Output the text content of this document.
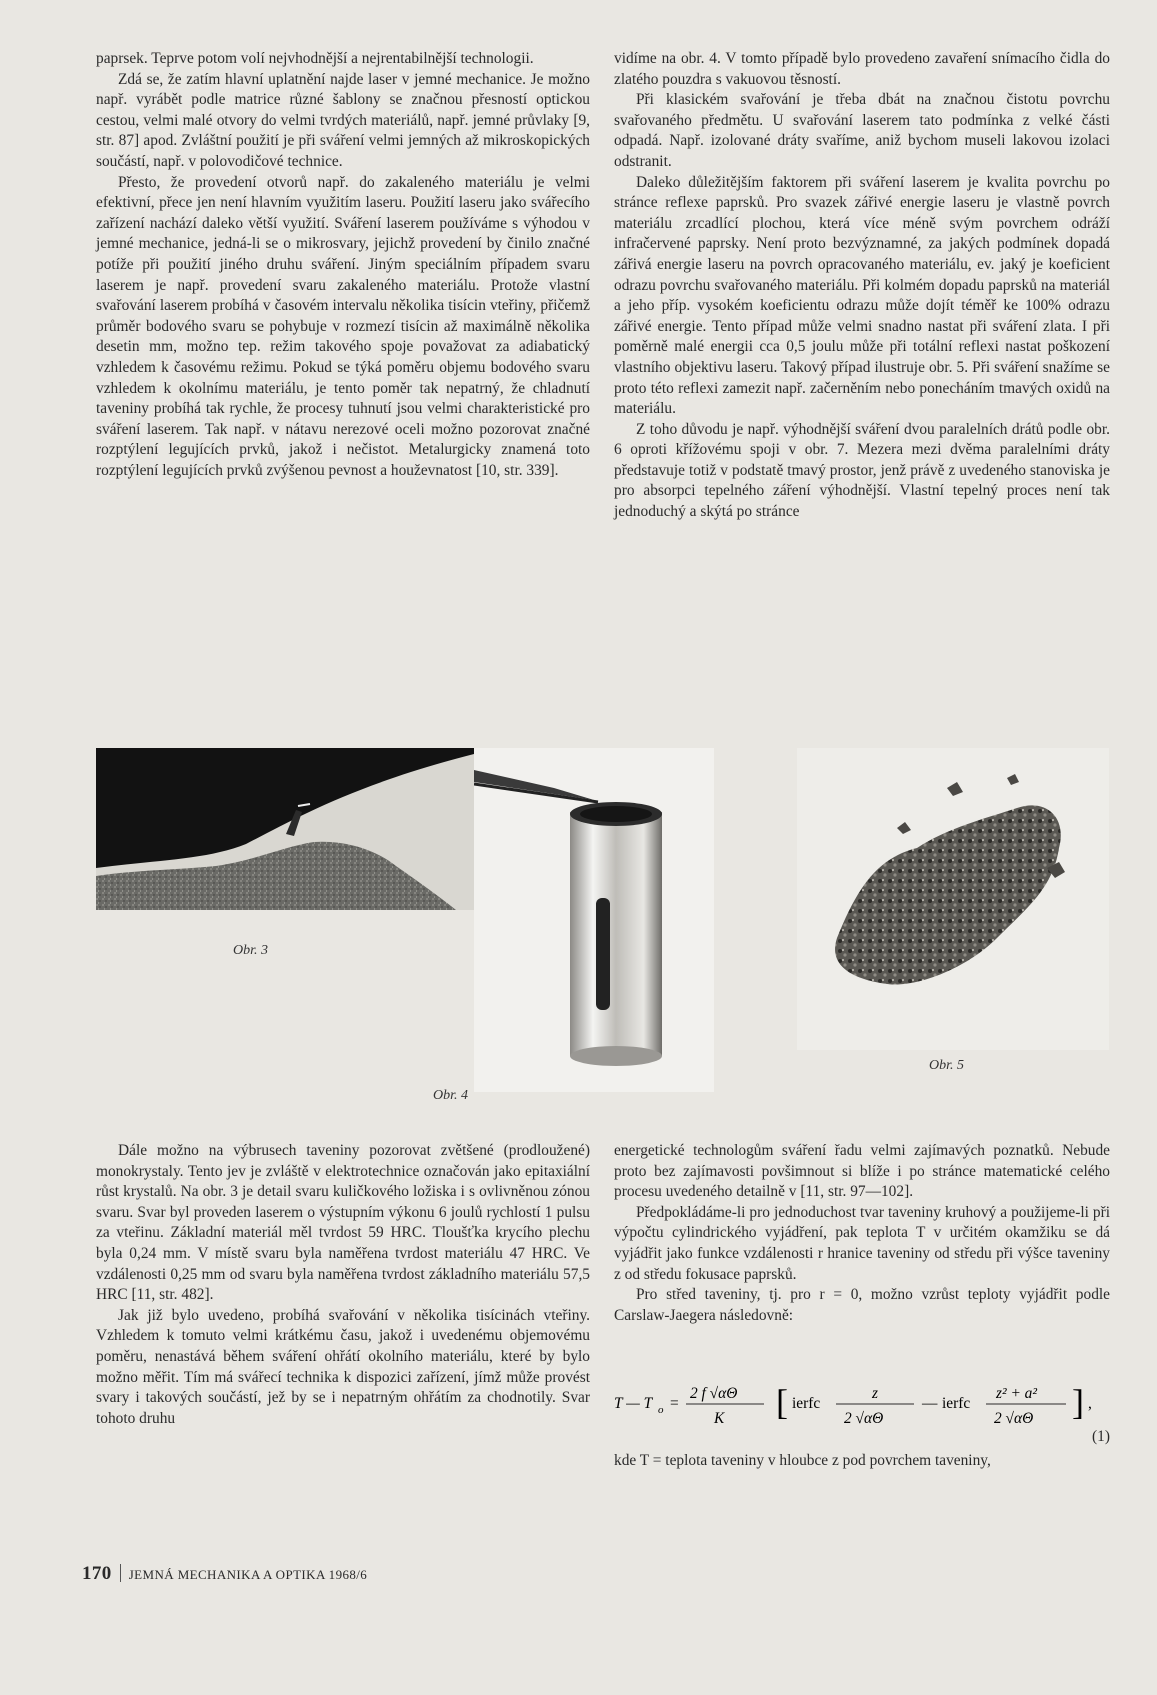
paprsek. Teprve potom volí nejvhodnější a nejrentabilnější technologii.

Zdá se, že zatím hlavní uplatnění najde laser v jemné mechanice. Je možno např. vyrábět podle matrice různé šablony se značnou přesností optickou cestou, velmi malé otvory do velmi tvrdých materiálů, např. jemné průvlaky [9, str. 87] apod. Zvláštní použití je při sváření velmi jemných až mikroskopických součástí, např. v polovodičové technice.

Přesto, že provedení otvorů např. do zakaleného materiálu je velmi efektivní, přece jen není hlavním využitím laseru. Použití laseru jako svářecího zařízení nachází daleko větší využití. Sváření laserem používáme s výhodou v jemné mechanice, jedná-li se o mikrosvary, jejichž provedení by činilo značné potíže při použití jiného druhu sváření. Jiným speciálním případem svaru laserem je např. provedení svaru zakaleného materiálu. Protože vlastní svařování laserem probíhá v časovém intervalu několika tisícin vteřiny, přičemž průměr bodového svaru se pohybuje v rozmezí tisícin až maximálně několika desetin mm, možno tep. režim takového spoje považovat za adiabatický vzhledem k časovému režimu. Pokud se týká poměru objemu bodového svaru vzhledem k okolnímu materiálu, je tento poměr tak nepatrný, že chladnutí taveniny probíhá tak rychle, že procesy tuhnutí jsou velmi charakteristické pro sváření laserem. Tak např. v nátavu nerezové oceli možno pozorovat značné rozptýlení legujících prvků, jakož i nečistot. Metalurgicky znamená toto rozptýlení legujících prvků zvýšenou pevnost a houževnatost [10, str. 339].

vidíme na obr. 4. V tomto případě bylo provedeno zavaření snímacího čidla do zlatého pouzdra s vakuovou těsností.

Při klasickém svařování je třeba dbát na značnou čistotu povrchu svařovaného předmětu. U svařování laserem tato podmínka z velké části odpadá. Např. izolované dráty svaříme, aniž bychom museli lakovou izolaci odstranit.

Daleko důležitějším faktorem při sváření laserem je kvalita povrchu po stránce reflexe paprsků. Pro svazek zářivé energie laseru je vlastně povrch materiálu zrcadlící plochou, která více méně svým povrchem odráží infračervené paprsky. Není proto bezvýznamné, za jakých podmínek dopadá zářivá energie laseru na povrch opracovaného materiálu, ev. jaký je koeficient odrazu povrchu svařovaného materiálu. Při kolmém dopadu paprsků na materiál a jeho příp. vysokém koeficientu odrazu může dojít téměř ke 100% odrazu zářivé energie. Tento případ může velmi snadno nastat při sváření zlata. I při poměrně malé energii cca 0,5 joulu může při totální reflexi nastat poškození vlastního objektivu laseru. Takový případ ilustruje obr. 5. Při sváření snažíme se proto této reflexi zamezit např. začerněním nebo ponecháním tmavých oxidů na materiálu.

Z toho důvodu je např. výhodnější sváření dvou paralelních drátů podle obr. 6 oproti křížovému spoji v obr. 7. Mezera mezi dvěma paralelními dráty představuje totiž v podstatě tmavý prostor, jenž právě z uvedeného stanoviska je pro absorpci tepelného záření výhodnější. Vlastní tepelný proces není tak jednoduchý a skýtá po stránce

Obr. 3
Obr. 4
Obr. 5

Dále možno na výbrusech taveniny pozorovat zvětšené (prodloužené) monokrystaly. Tento jev je zvláště v elektrotechnice označován jako epitaxiální růst krystalů. Na obr. 3 je detail svaru kuličkového ložiska i s ovlivněnou zónou svaru. Svar byl proveden laserem o výstupním výkonu 6 joulů rychlostí 1 pulsu za vteřinu. Základní materiál měl tvrdost 59 HRC. Tloušťka krycího plechu byla 0,24 mm. V místě svaru byla naměřena tvrdost materiálu 47 HRC. Ve vzdálenosti 0,25 mm od svaru byla naměřena tvrdost základního materiálu 57,5 HRC [11, str. 482].

Jak již bylo uvedeno, probíhá svařování v několika tisícinách vteřiny. Vzhledem k tomuto velmi krátkému času, jakož i uvedenému objemovému poměru, nenastává během sváření ohřátí okolního materiálu, které by bylo možno měřit. Tím má svářecí technika k dispozici zařízení, jímž může provést svary i takových součástí, jež by se i nepatrným ohřátím za chodnotily. Svar tohoto druhu

energetické technologům sváření řadu velmi zajímavých poznatků. Nebude proto bez zajímavosti povšimnout si blíže i po stránce matematické celého procesu uvedeného detailně v [11, str. 97—102].

Předpokládáme-li pro jednoduchost tvar taveniny kruhový a použijeme-li při výpočtu cylindrického vyjádření, pak teplota T v určitém okamžiku se dá vyjádřit jako funkce vzdálenosti r hranice taveniny od středu při výšce taveniny z od středu fokusace paprsků.

Pro střed taveniny, tj. pro r = 0, možno vzrůst teploty vyjádřit podle Carslaw-Jaegera následovně:

T — T o =
2 f √αΘ
K [ ierfc
z
2 √αΘ
— ierfc
z² + a²
2 √αΘ ] ,
(1)

kde T = teplota taveniny v hloubce z pod povrchem taveniny,

170 JEMNÁ MECHANIKA A OPTIKA 1968/6
